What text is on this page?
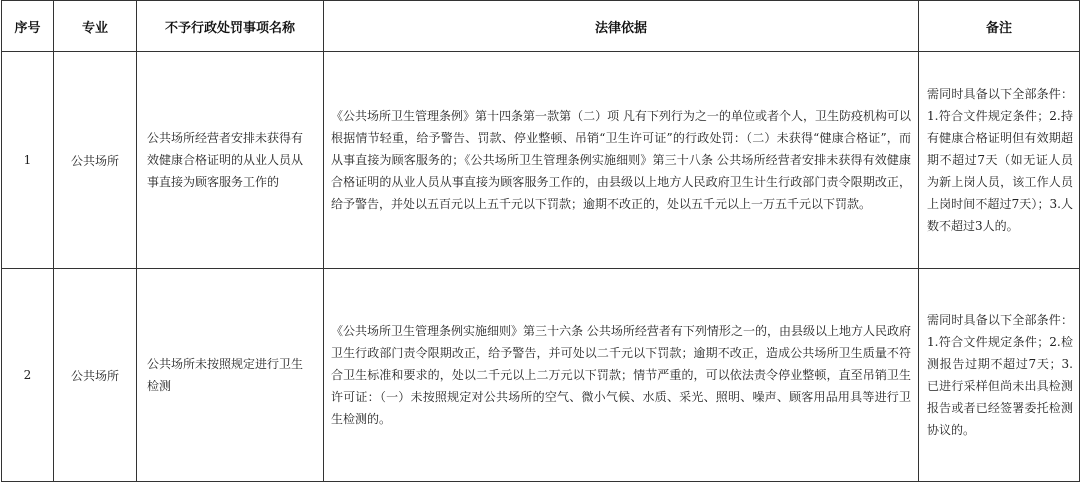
序号	专业	不予行政处罚事项名称	法律依据	备注
1	公共场所	公共场所经营者安排未获得有效健康合格证明的从业人员从事直接为顾客服务工作的	《公共场所卫生管理条例》第十四条第一款第（二）项 凡有下列行为之一的单位或者个人，卫生防疫机构可以根据情节轻重，给予警告、罚款、停业整顿、吊销“卫生许可证”的行政处罚：（二）未获得“健康合格证”，而从事直接为顾客服务的；《公共场所卫生管理条例实施细则》第三十八条 公共场所经营者安排未获得有效健康合格证明的从业人员从事直接为顾客服务工作的，由县级以上地方人民政府卫生计生行政部门责令限期改正，给予警告，并处以五百元以上五千元以下罚款；逾期不改正的，处以五千元以上一万五千元以下罚款。	需同时具备以下全部条件：1.符合文件规定条件；2.持有健康合格证明但有效期超期不超过7天（如无证人员为新上岗人员，该工作人员上岗时间不超过7天）；3.人数不超过3人的。
2	公共场所	公共场所未按照规定进行卫生检测	《公共场所卫生管理条例实施细则》第三十六条 公共场所经营者有下列情形之一的，由县级以上地方人民政府卫生行政部门责令限期改正，给予警告，并可处以二千元以下罚款；逾期不改正，造成公共场所卫生质量不符合卫生标准和要求的，处以二千元以上二万元以下罚款；情节严重的，可以依法责令停业整顿，直至吊销卫生许可证：（一）未按照规定对公共场所的空气、微小气候、水质、采光、照明、噪声、顾客用品用具等进行卫生检测的。	需同时具备以下全部条件：1.符合文件规定条件；2.检测报告过期不超过7天；3.已进行采样但尚未出具检测报告或者已经签署委托检测协议的。
